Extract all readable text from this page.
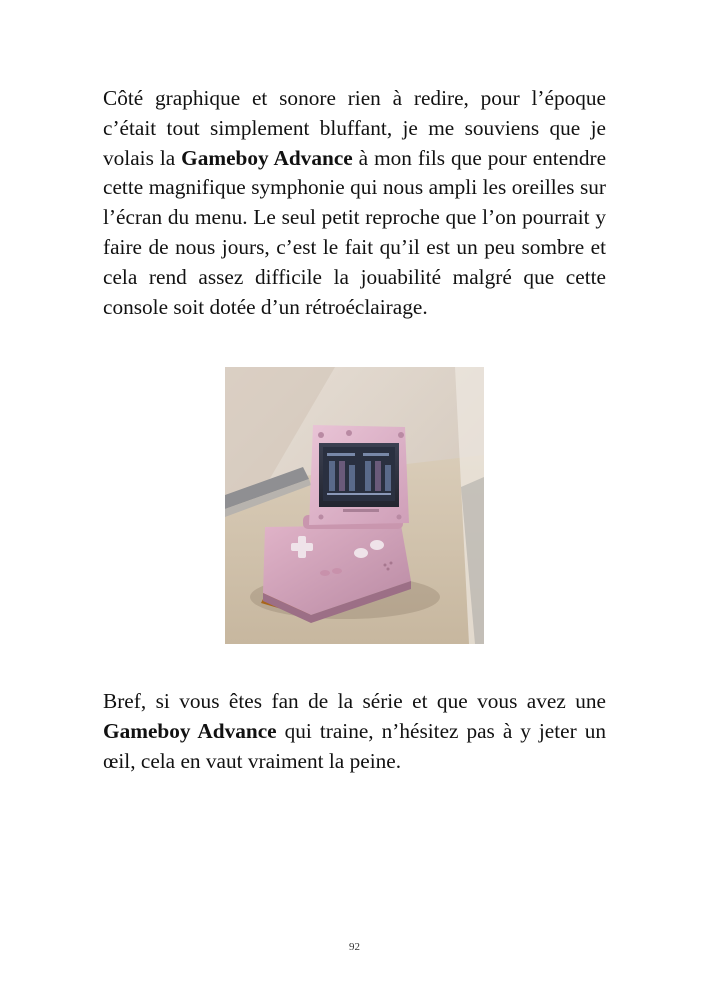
Côté graphique et sonore rien à redire, pour l’époque c’était tout simplement bluffant, je me souviens que je volais la Gameboy Advance à mon fils que pour entendre cette magnifique symphonie qui nous ampli les oreilles sur l’écran du menu. Le seul petit reproche que l’on pourrait y faire de nous jours, c’est le fait qu’il est un peu sombre et cela rend assez difficile la jouabilité malgré que cette console soit dotée d’un rétroéclairage.

Bref, si vous êtes fan de la série et que vous avez une Gameboy Advance qui traine, n’hésitez pas à y jeter un œil, cela en vaut vraiment la peine.

92
